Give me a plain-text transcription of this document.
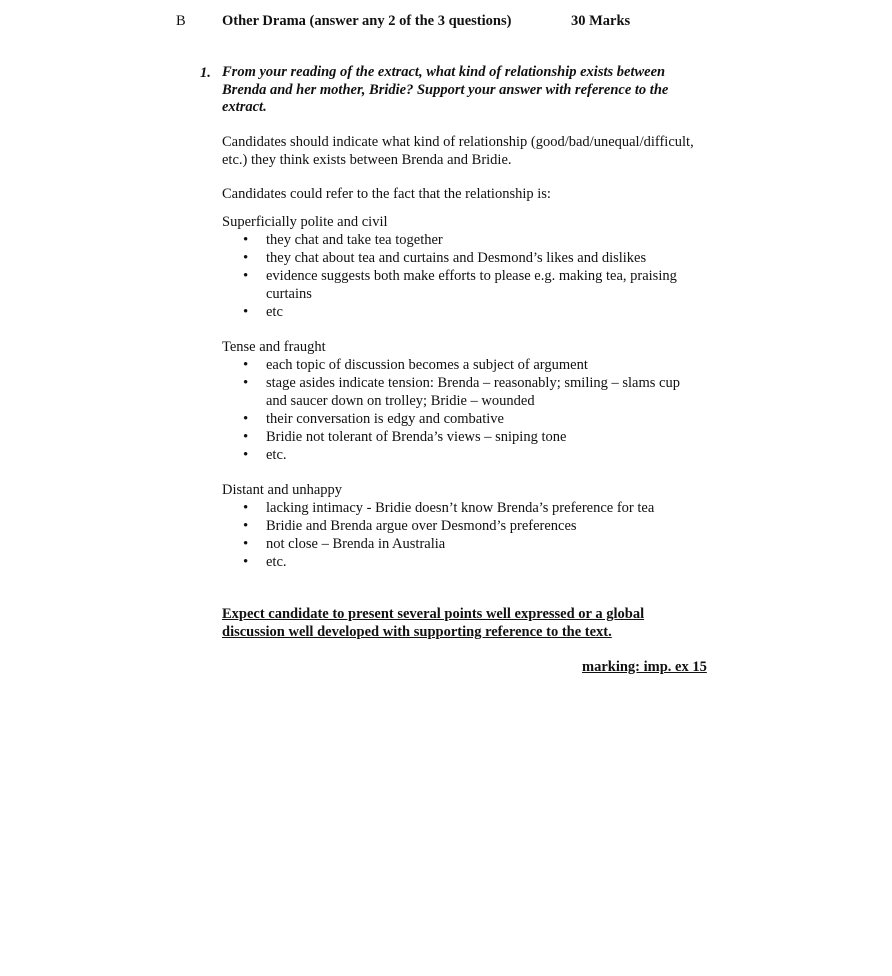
B	Other Drama (answer any 2 of the 3 questions)	30 Marks
1. From your reading of the extract, what kind of relationship exists between Brenda and her mother, Bridie? Support your answer with reference to the extract.
Candidates should indicate what kind of relationship (good/bad/unequal/difficult, etc.) they think exists between Brenda and Bridie.
Candidates could refer to the fact that the relationship is:
Superficially polite and civil
• they chat and take tea together
• they chat about tea and curtains and Desmond’s likes and dislikes
• evidence suggests both make efforts to please e.g. making tea, praising curtains
• etc
Tense and fraught
• each topic of discussion becomes a subject of argument
• stage asides indicate tension: Brenda – reasonably; smiling – slams cup and saucer down on trolley; Bridie – wounded
• their conversation is edgy and combative
• Bridie not tolerant of Brenda’s views – sniping tone
• etc.
Distant and unhappy
• lacking intimacy - Bridie doesn’t know Brenda’s preference for tea
• Bridie and Brenda argue over Desmond’s preferences
• not close – Brenda in Australia
• etc.
Expect candidate to present several points well expressed or a global discussion well developed with supporting reference to the text.
marking: imp. ex 15
